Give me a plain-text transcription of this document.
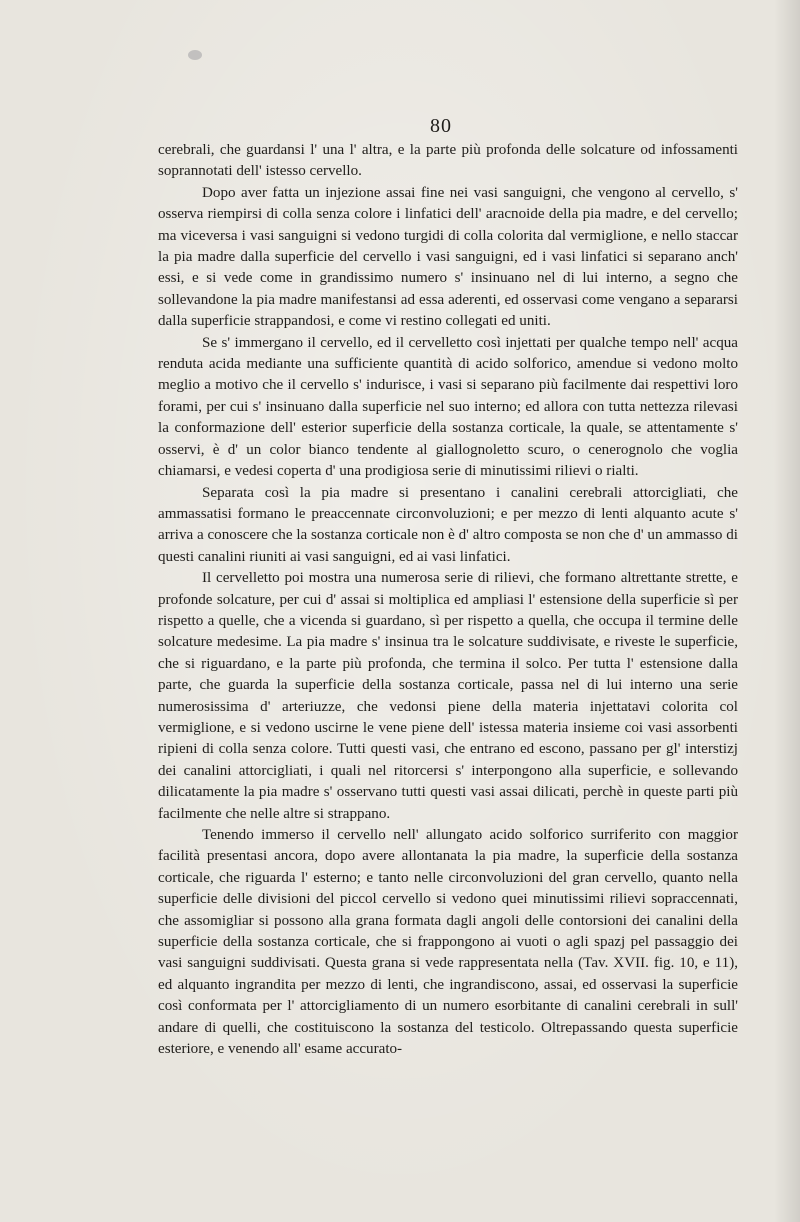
80

cerebrali, che guardansi l' una l' altra, e la parte più profonda delle solcature od infossamenti soprannotati dell' istesso cervello.

Dopo aver fatta un injezione assai fine nei vasi sanguigni, che vengono al cervello, s' osserva riempirsi di colla senza colore i linfatici dell' aracnoide della pia madre, e del cervello; ma viceversa i vasi sanguigni si vedono turgidi di colla colorita dal vermiglione, e nello staccar la pia madre dalla superficie del cervello i vasi sanguigni, ed i vasi linfatici si separano anch' essi, e si vede come in grandissimo numero s' insinuano nel di lui interno, a segno che sollevandone la pia madre manifestansi ad essa aderenti, ed osservasi come vengano a separarsi dalla superficie strappandosi, e come vi restino collegati ed uniti.

Se s' immergano il cervello, ed il cervelletto così injettati per qualche tempo nell' acqua renduta acida mediante una sufficiente quantità di acido solforico, amendue si vedono molto meglio a motivo che il cervello s' indurisce, i vasi si separano più facilmente dai respettivi loro forami, per cui s' insinuano dalla superficie nel suo interno; ed allora con tutta nettezza rilevasi la conformazione dell' esterior superficie della sostanza corticale, la quale, se attentamente s' osservi, è d' un color bianco tendente al giallognoletto scuro, o cenerognolo che voglia chiamarsi, e vedesi coperta d' una prodigiosa serie di minutissimi rilievi o rialti.

Separata così la pia madre si presentano i canalini cerebrali attorcigliati, che ammassatisi formano le preaccennate circonvoluzioni; e per mezzo di lenti alquanto acute s' arriva a conoscere che la sostanza corticale non è d' altro composta se non che d' un ammasso di questi canalini riuniti ai vasi sanguigni, ed ai vasi linfatici.

Il cervelletto poi mostra una numerosa serie di rilievi, che formano altrettante strette, e profonde solcature, per cui d' assai si moltiplica ed ampliasi l' estensione della superficie sì per rispetto a quelle, che a vicenda si guardano, sì per rispetto a quella, che occupa il termine delle solcature medesime. La pia madre s' insinua tra le solcature suddivisate, e riveste le superficie, che si riguardano, e la parte più profonda, che termina il solco. Per tutta l' estensione dalla parte, che guarda la superficie della sostanza corticale, passa nel di lui interno una serie numerosissima d' arteriuzze, che vedonsi piene della materia injettatavi colorita col vermiglione, e si vedono uscirne le vene piene dell' istessa materia insieme coi vasi assorbenti ripieni di colla senza colore. Tutti questi vasi, che entrano ed escono, passano per gl' interstizj dei canalini attorcigliati, i quali nel ritorcersi s' interpongono alla superficie, e sollevando dilicatamente la pia madre s' osservano tutti questi vasi assai dilicati, perchè in queste parti più facilmente che nelle altre si strappano.

Tenendo immerso il cervello nell' allungato acido solforico surriferito con maggior facilità presentasi ancora, dopo avere allontanata la pia madre, la superficie della sostanza corticale, che riguarda l' esterno; e tanto nelle circonvoluzioni del gran cervello, quanto nella superficie delle divisioni del piccol cervello si vedono quei minutissimi rilievi sopraccennati, che assomigliar si possono alla grana formata dagli angoli delle contorsioni dei canalini della superficie della sostanza corticale, che si frappongono ai vuoti o agli spazj pel passaggio dei vasi sanguigni suddivisati. Questa grana si vede rappresentata nella (Tav. XVII. fig. 10, e 11), ed alquanto ingrandita per mezzo di lenti, che ingrandiscono, assai, ed osservasi la superficie così conformata per l' attorcigliamento di un numero esorbitante di canalini cerebrali in sull' andare di quelli, che costituiscono la sostanza del testicolo. Oltrepassando questa superficie esteriore, e venendo all' esame accurato-
